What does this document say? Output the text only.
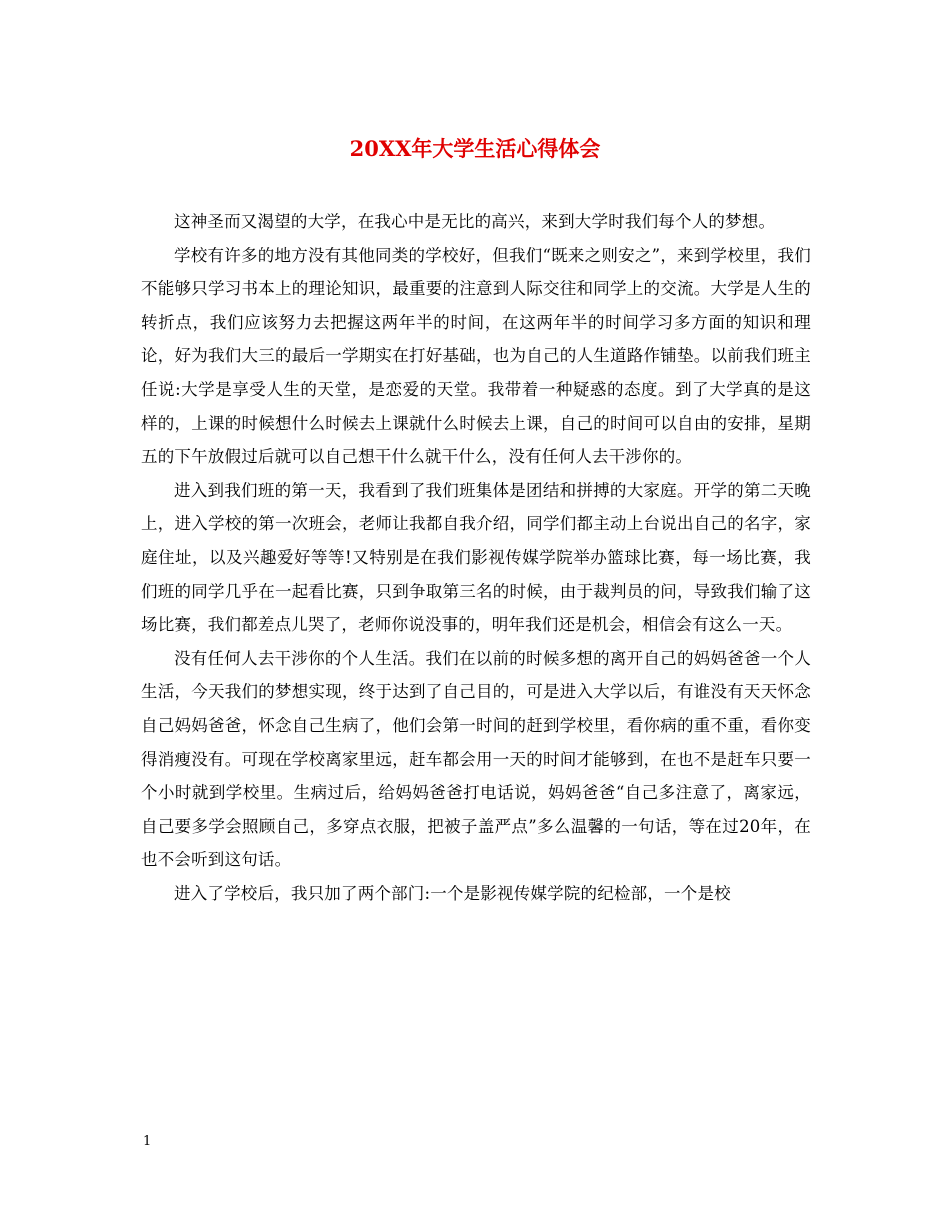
20XX年大学生活心得体会

这神圣而又渴望的大学，在我心中是无比的高兴，来到大学时我们每个人的梦想。

学校有许多的地方没有其他同类的学校好，但我们“既来之则安之”，来到学校里，我们不能够只学习书本上的理论知识，最重要的注意到人际交往和同学上的交流。大学是人生的转折点，我们应该努力去把握这两年半的时间，在这两年半的时间学习多方面的知识和理论，好为我们大三的最后一学期实在打好基础，也为自己的人生道路作铺垫。以前我们班主任说:大学是享受人生的天堂，是恋爱的天堂。我带着一种疑惑的态度。到了大学真的是这样的，上课的时候想什么时候去上课就什么时候去上课，自己的时间可以自由的安排，星期五的下午放假过后就可以自己想干什么就干什么，没有任何人去干涉你的。

进入到我们班的第一天，我看到了我们班集体是团结和拼搏的大家庭。开学的第二天晚上，进入学校的第一次班会，老师让我都自我介绍，同学们都主动上台说出自己的名字，家庭住址，以及兴趣爱好等等!又特别是在我们影视传媒学院举办篮球比赛，每一场比赛，我们班的同学几乎在一起看比赛，只到争取第三名的时候，由于裁判员的问，导致我们输了这场比赛，我们都差点儿哭了，老师你说没事的，明年我们还是机会，相信会有这么一天。

没有任何人去干涉你的个人生活。我们在以前的时候多想的离开自己的妈妈爸爸一个人生活，今天我们的梦想实现，终于达到了自己目的，可是进入大学以后，有谁没有天天怀念自己妈妈爸爸，怀念自己生病了，他们会第一时间的赶到学校里，看你病的重不重，看你变得消瘦没有。可现在学校离家里远，赶车都会用一天的时间才能够到，在也不是赶车只要一个小时就到学校里。生病过后，给妈妈爸爸打电话说，妈妈爸爸“自己多注意了，离家远，自己要多学会照顾自己，多穿点衣服，把被子盖严点”多么温馨的一句话，等在过20年，在也不会听到这句话。

进入了学校后，我只加了两个部门:一个是影视传媒学院的纪检部，一个是校

1
